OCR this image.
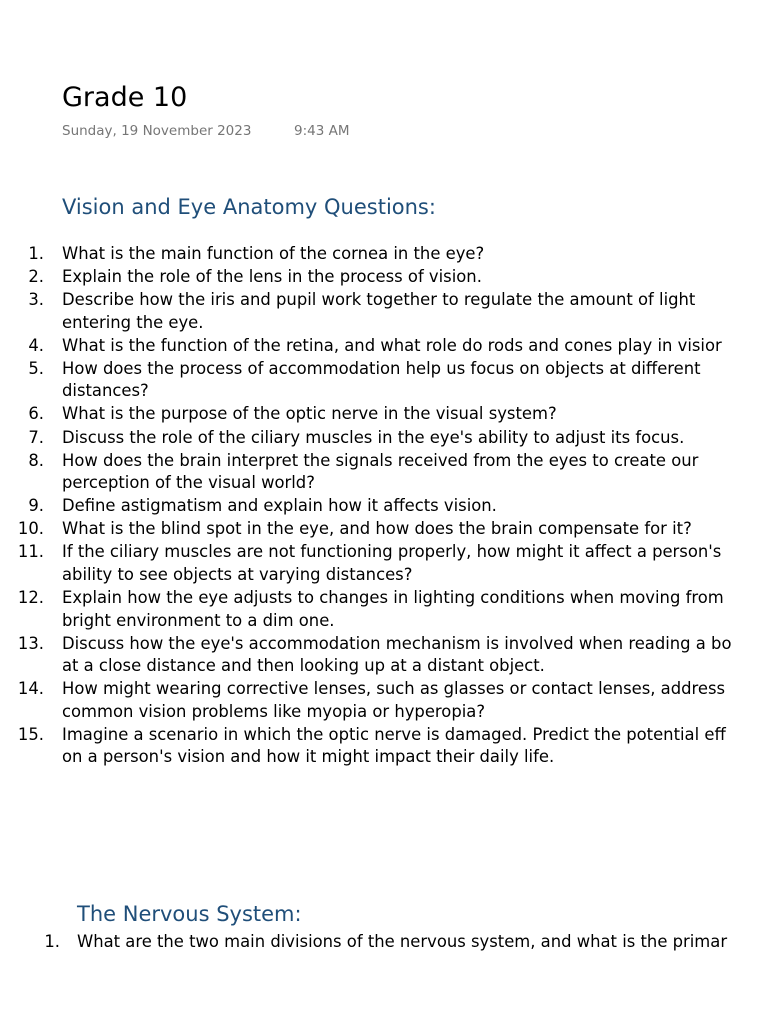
Grade 10
Sunday, 19 November 2023	9:43 AM
Vision and Eye Anatomy Questions:
1. What is the main function of the cornea in the eye?
2. Explain the role of the lens in the process of vision.
3. Describe how the iris and pupil work together to regulate the amount of light
entering the eye.
4. What is the function of the retina, and what role do rods and cones play in visior
5. How does the process of accommodation help us focus on objects at different
distances?
6. What is the purpose of the optic nerve in the visual system?
7. Discuss the role of the ciliary muscles in the eye's ability to adjust its focus.
8. How does the brain interpret the signals received from the eyes to create our
perception of the visual world?
9. Define astigmatism and explain how it affects vision.
10. What is the blind spot in the eye, and how does the brain compensate for it?
11. If the ciliary muscles are not functioning properly, how might it affect a person's
ability to see objects at varying distances?
12. Explain how the eye adjusts to changes in lighting conditions when moving from
bright environment to a dim one.
13. Discuss how the eye's accommodation mechanism is involved when reading a bo
at a close distance and then looking up at a distant object.
14. How might wearing corrective lenses, such as glasses or contact lenses, address
common vision problems like myopia or hyperopia?
15. Imagine a scenario in which the optic nerve is damaged. Predict the potential eff
on a person's vision and how it might impact their daily life.
The Nervous System:
1. What are the two main divisions of the nervous system, and what is the primar
